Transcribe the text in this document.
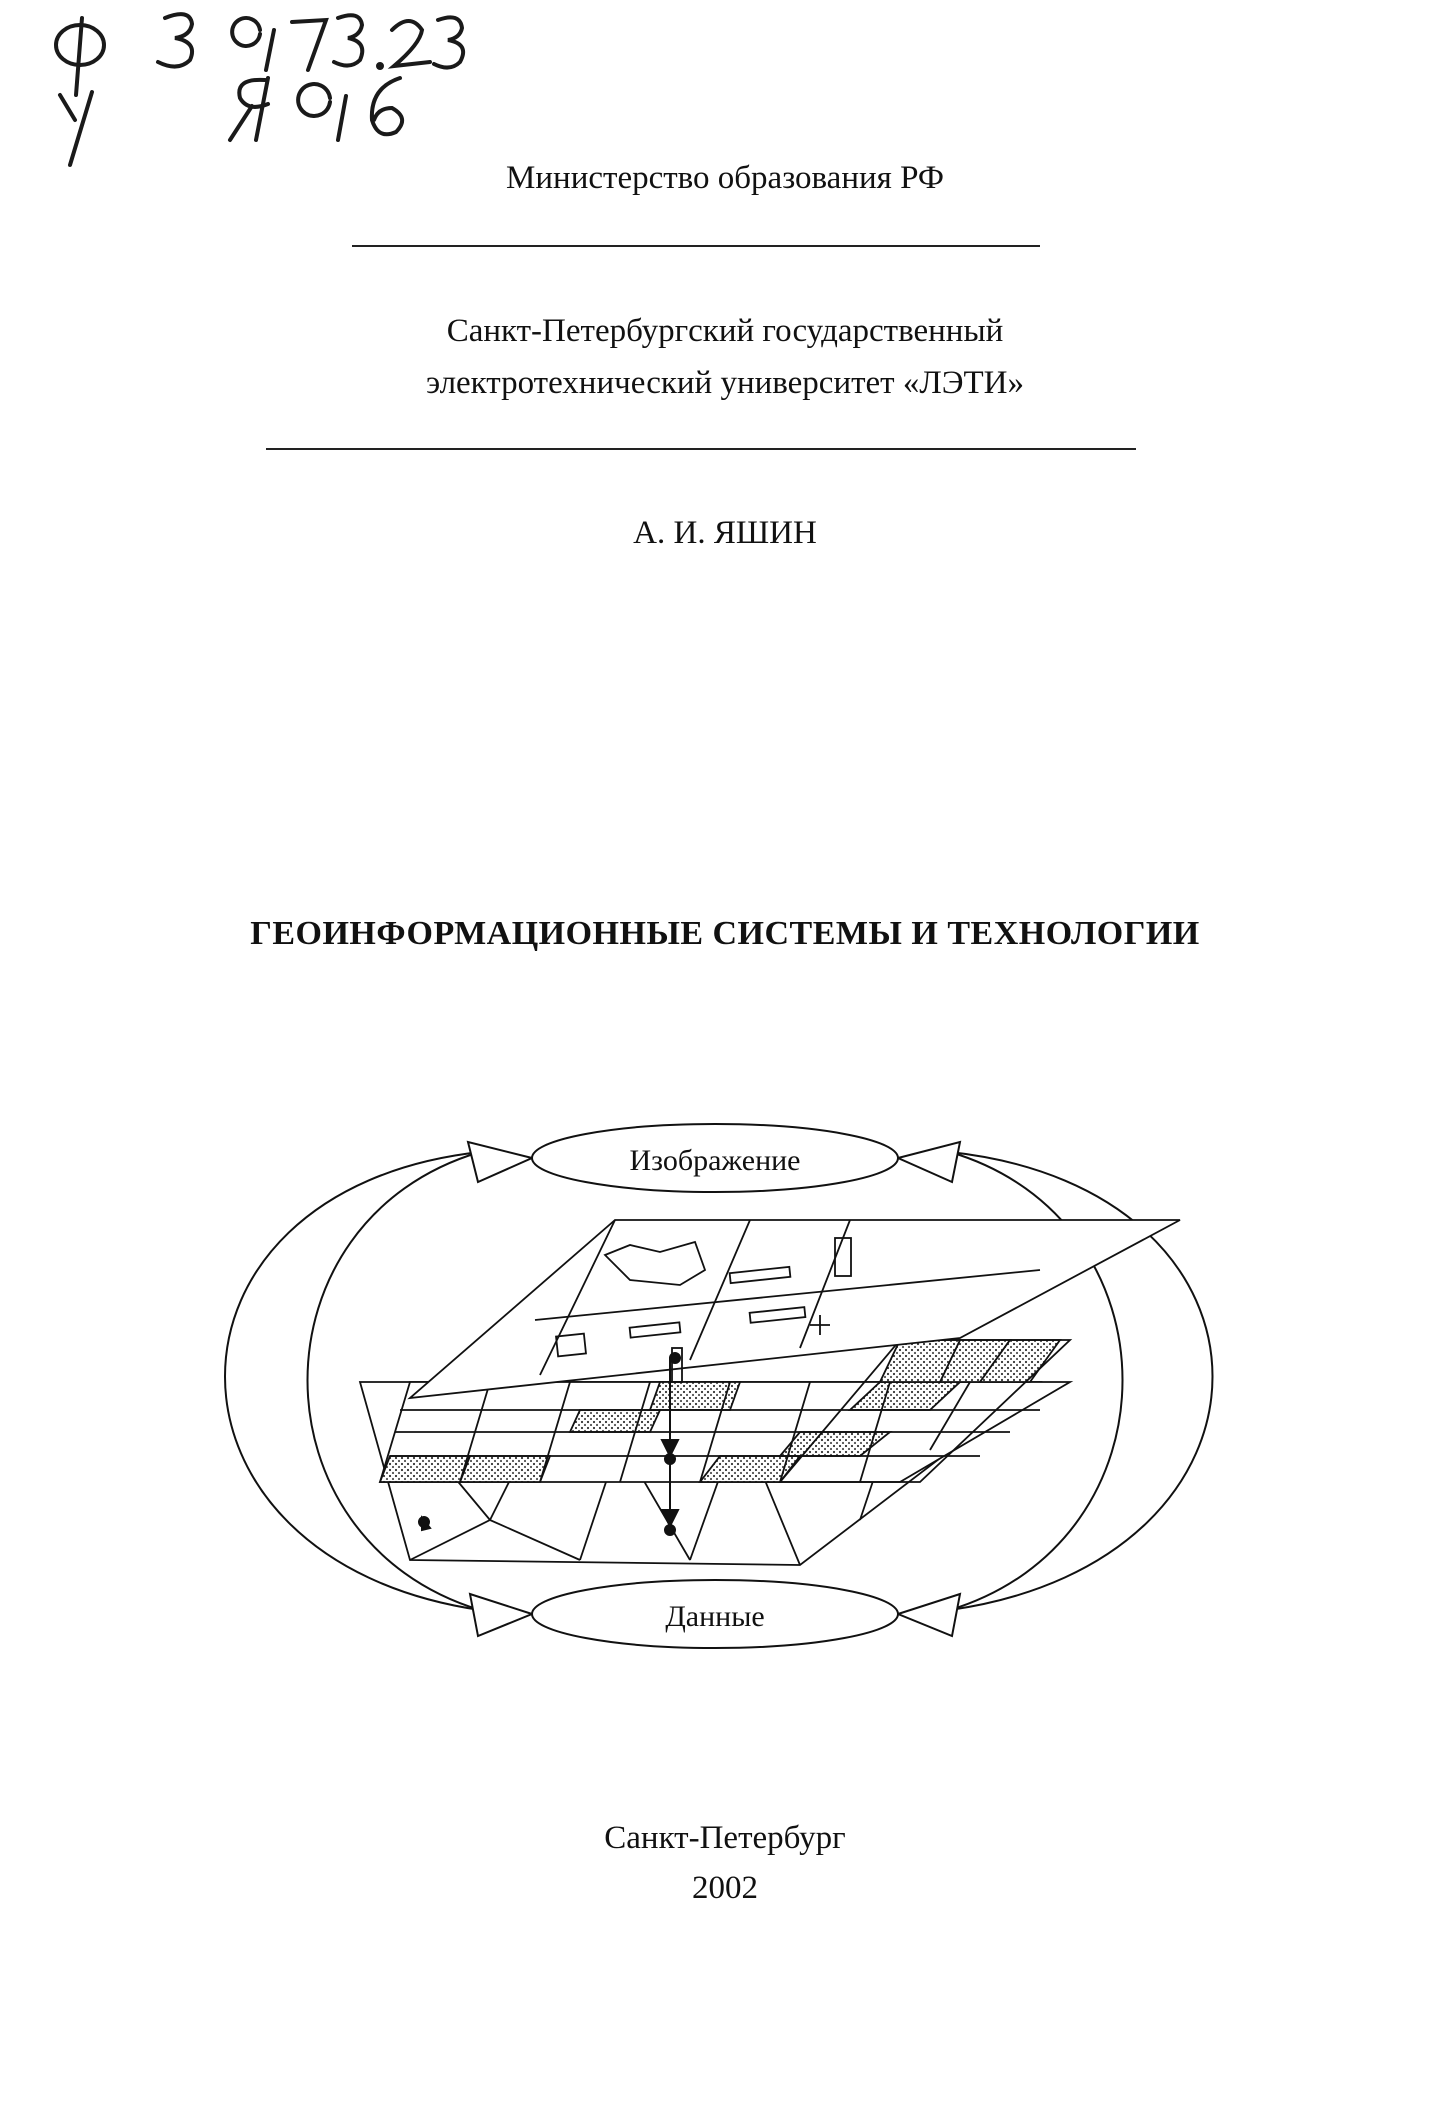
Министерство образования РФ
Санкт-Петербургский государственный
электротехнический университет «ЛЭТИ»
А. И. ЯШИН
ГЕОИНФОРМАЦИОННЫЕ СИСТЕМЫ И ТЕХНОЛОГИИ
Изображение
Данные
Санкт-Петербург
2002
